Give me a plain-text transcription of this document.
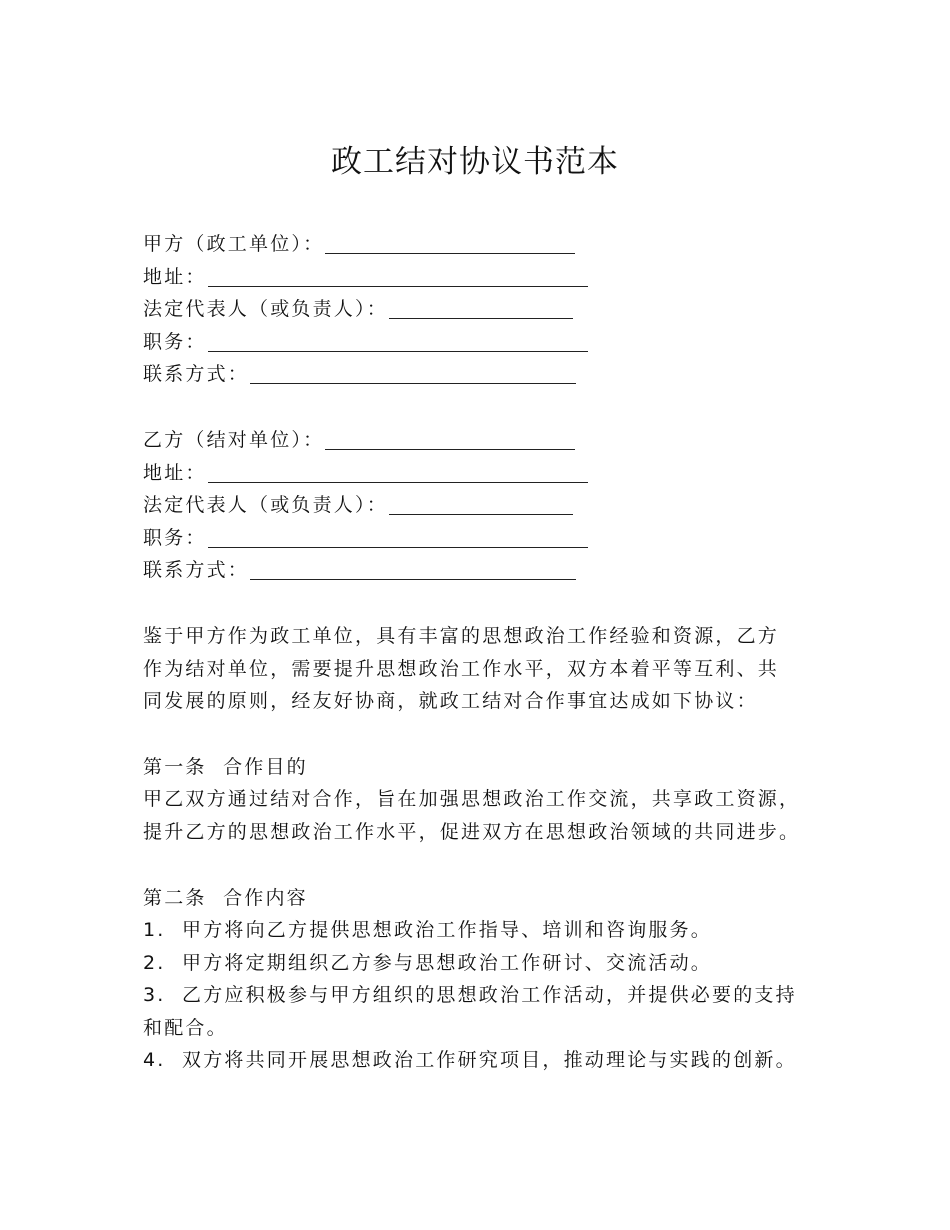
政工结对协议书范本
甲方（政工单位）：
地址：
法定代表人（或负责人）：
职务：
联系方式：
乙方（结对单位）：
地址：
法定代表人（或负责人）：
职务：
联系方式：
鉴于甲方作为政工单位，具有丰富的思想政治工作经验和资源，乙方
作为结对单位，需要提升思想政治工作水平，双方本着平等互利、共
同发展的原则，经友好协商，就政工结对合作事宜达成如下协议：
第一条  合作目的
甲乙双方通过结对合作，旨在加强思想政治工作交流，共享政工资源，
提升乙方的思想政治工作水平，促进双方在思想政治领域的共同进步。
第二条  合作内容
1.  甲方将向乙方提供思想政治工作指导、培训和咨询服务。
2.  甲方将定期组织乙方参与思想政治工作研讨、交流活动。
3.  乙方应积极参与甲方组织的思想政治工作活动，并提供必要的支持
和配合。
4.  双方将共同开展思想政治工作研究项目，推动理论与实践的创新。
